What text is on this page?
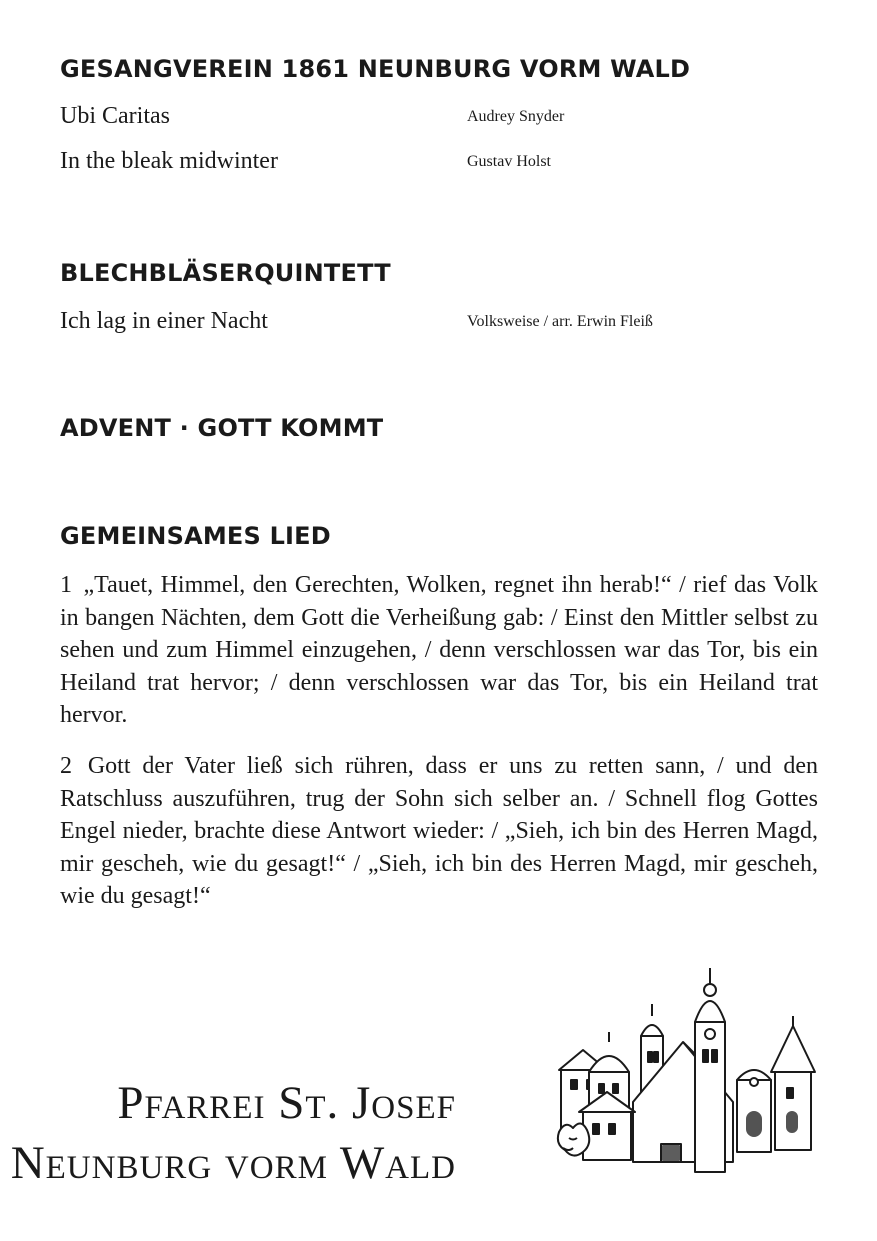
GESANGVEREIN 1861 NEUNBURG VORM WALD
Ubi Caritas	Audrey Snyder
In the bleak midwinter	Gustav Holst
BLECHBLÄSERQUINTETT
Ich lag in einer Nacht	Volksweise / arr. Erwin Fleiß
ADVENT · GOTT KOMMT
GEMEINSAMES LIED
1 „Tauet, Himmel, den Gerechten, Wolken, regnet ihn herab!“ / rief das Volk in bangen Nächten, dem Gott die Verheißung gab: / Einst den Mittler selbst zu sehen und zum Himmel einzugehen, / denn verschlossen war das Tor, bis ein Heiland trat hervor; / denn verschlossen war das Tor, bis ein Heiland trat hervor.
2 Gott der Vater ließ sich rühren, dass er uns zu retten sann, / und den Ratschluss auszuführen, trug der Sohn sich selber an. / Schnell flog Gottes Engel nieder, brachte diese Antwort wieder: / „Sieh, ich bin des Herren Magd, mir gescheh, wie du gesagt!“ / „Sieh, ich bin des Herren Magd, mir gescheh, wie du gesagt!“
Pfarrei St. Josef
Neunburg vorm Wald
